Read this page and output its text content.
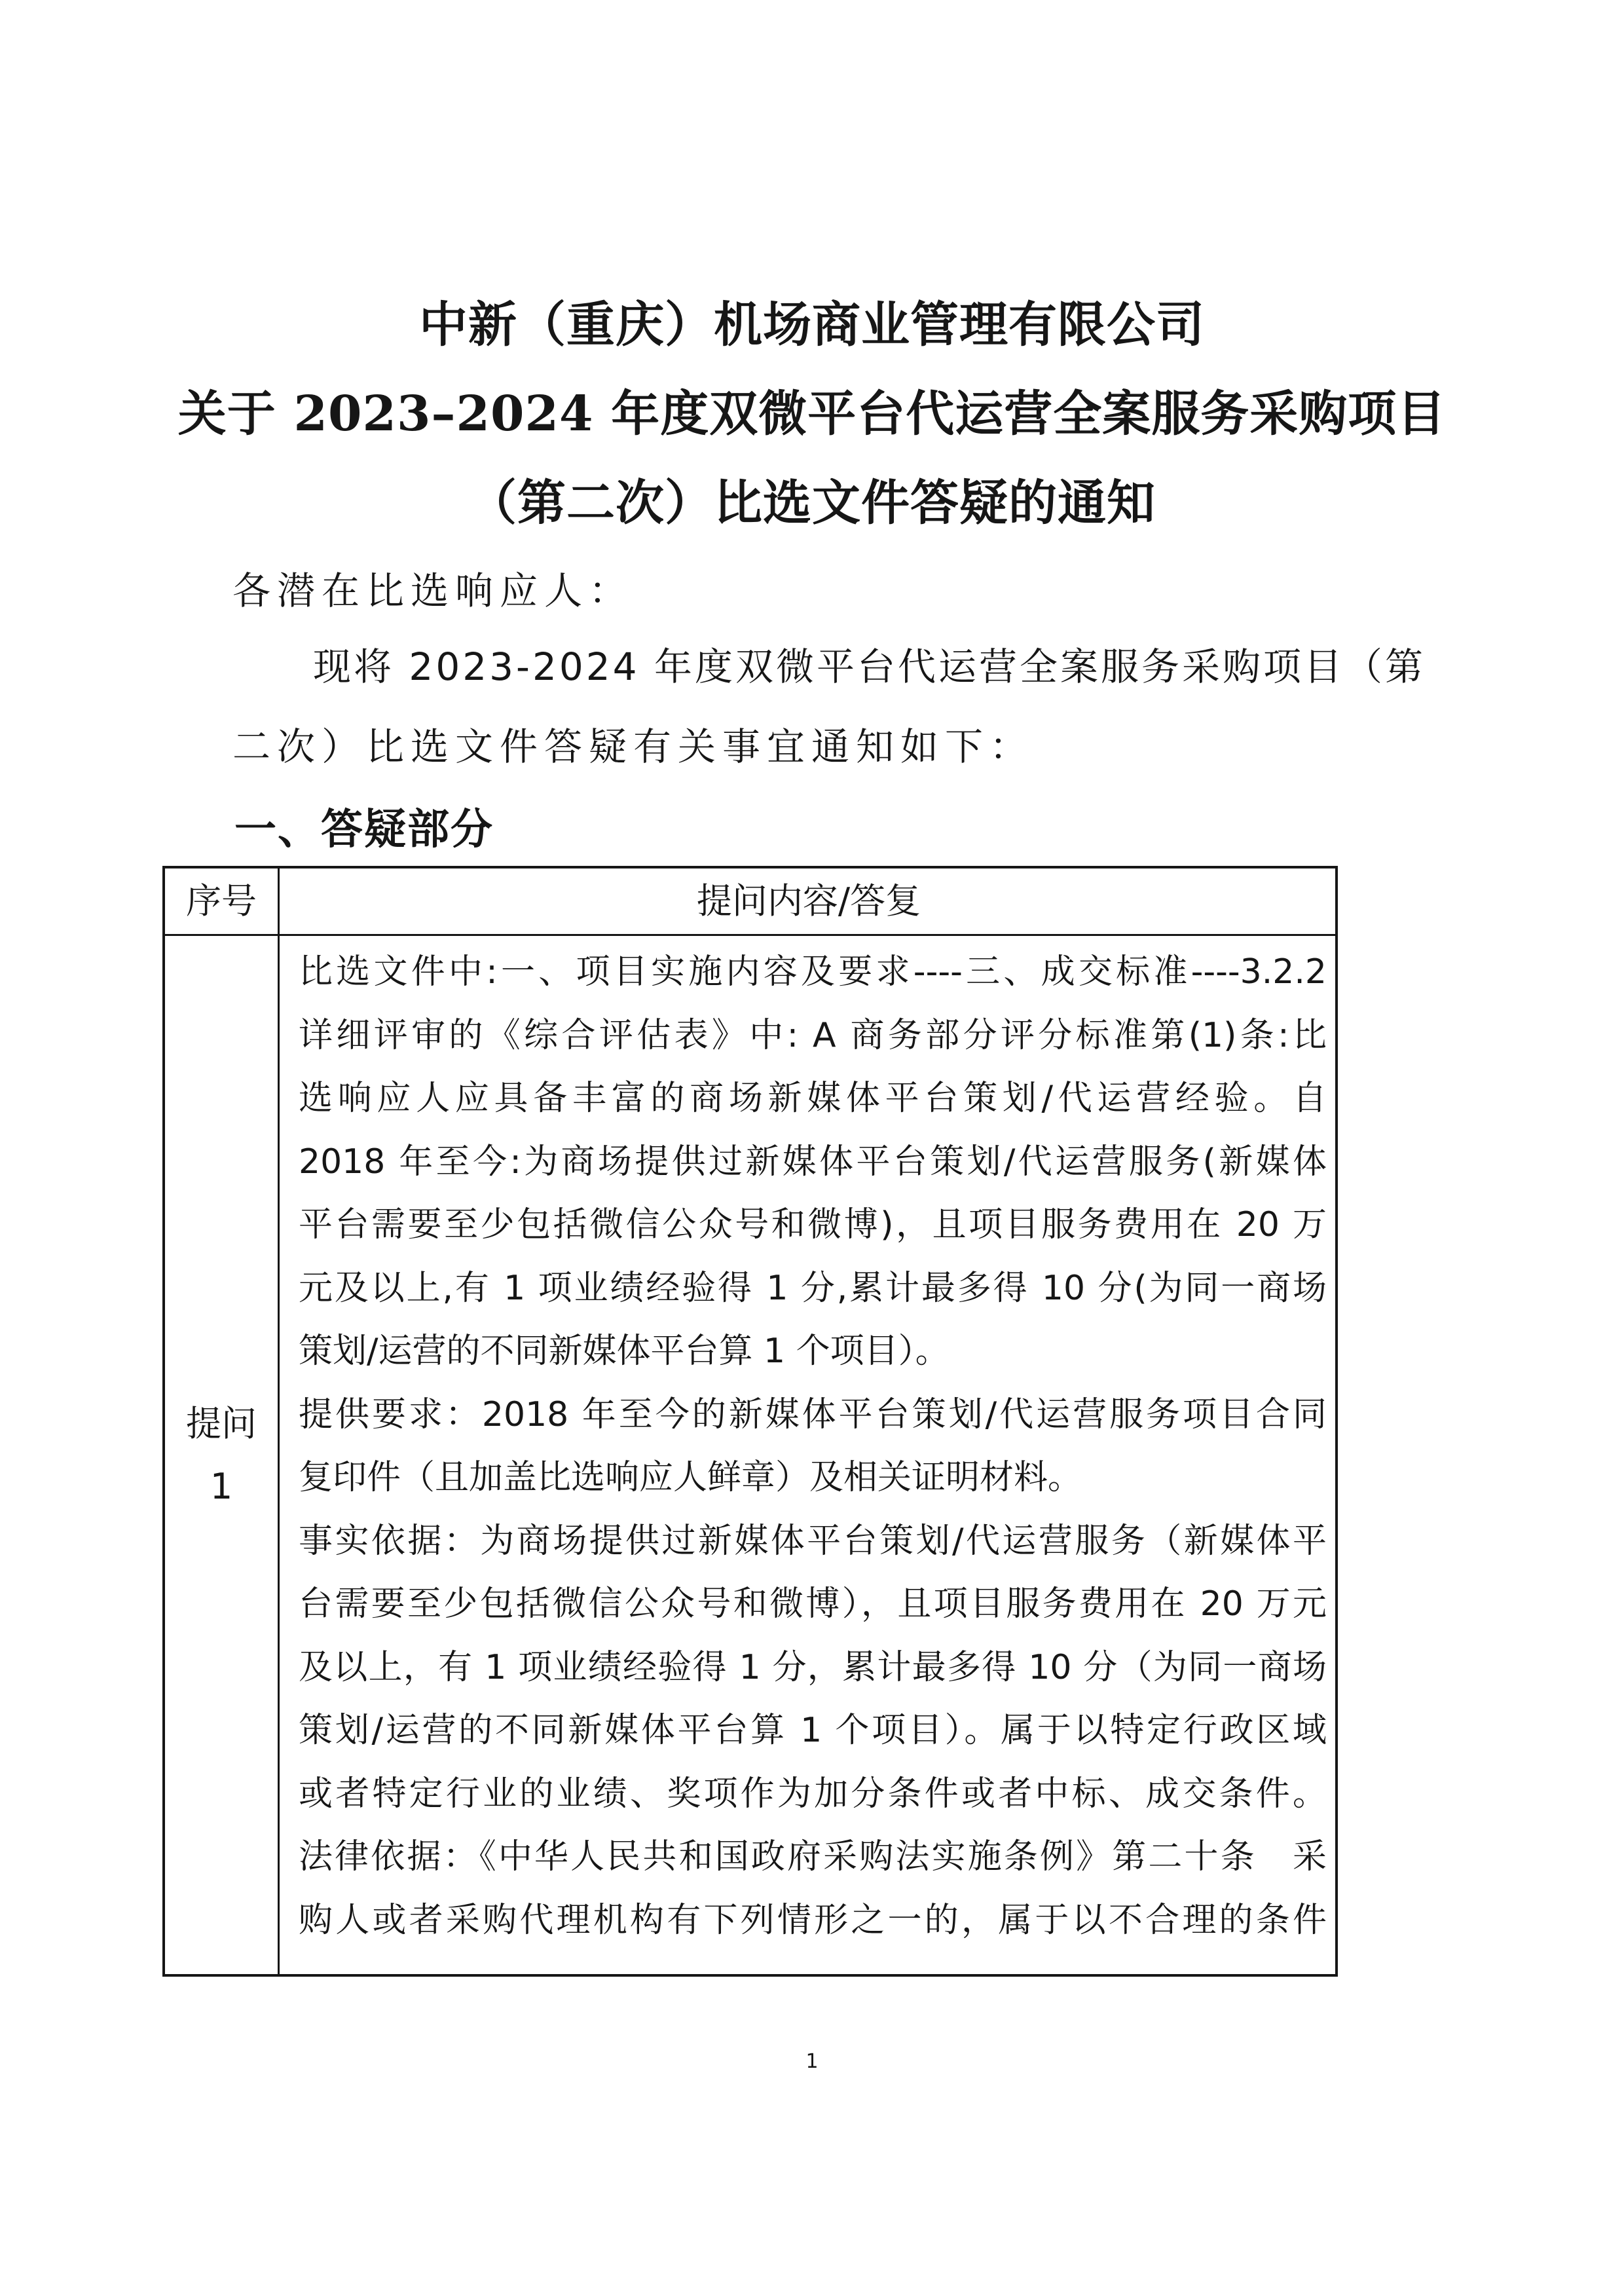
中新（重庆）机场商业管理有限公司
关于 2023–2024 年度双微平台代运营全案服务采购项目
（第二次）比选文件答疑的通知
各潜在比选响应人：
现将 2023-2024 年度双微平台代运营全案服务采购项目（第
二次）比选文件答疑有关事宜通知如下：
一、答疑部分
序号	提问内容/答复
提问
1
比选文件中:一、项目实施内容及要求----三、成交标准----3.2.2
详细评审的《综合评估表》中: A 商务部分评分标准第(1)条:比
选响应人应具备丰富的商场新媒体平台策划/代运营经验。自
2018 年至今:为商场提供过新媒体平台策划/代运营服务(新媒体
平台需要至少包括微信公众号和微博)，且项目服务费用在 20 万
元及以上,有 1 项业绩经验得 1 分,累计最多得 10 分(为同一商场
策划/运营的不同新媒体平台算 1 个项目）。
提供要求：2018 年至今的新媒体平台策划/代运营服务项目合同
复印件（且加盖比选响应人鲜章）及相关证明材料。
事实依据：为商场提供过新媒体平台策划/代运营服务（新媒体平
台需要至少包括微信公众号和微博），且项目服务费用在 20 万元
及以上，有 1 项业绩经验得 1 分，累计最多得 10 分（为同一商场
策划/运营的不同新媒体平台算 1 个项目）。属于以特定行政区域
或者特定行业的业绩、奖项作为加分条件或者中标、成交条件。
法律依据：《中华人民共和国政府采购法实施条例》第二十条　采
购人或者采购代理机构有下列情形之一的，属于以不合理的条件
1
